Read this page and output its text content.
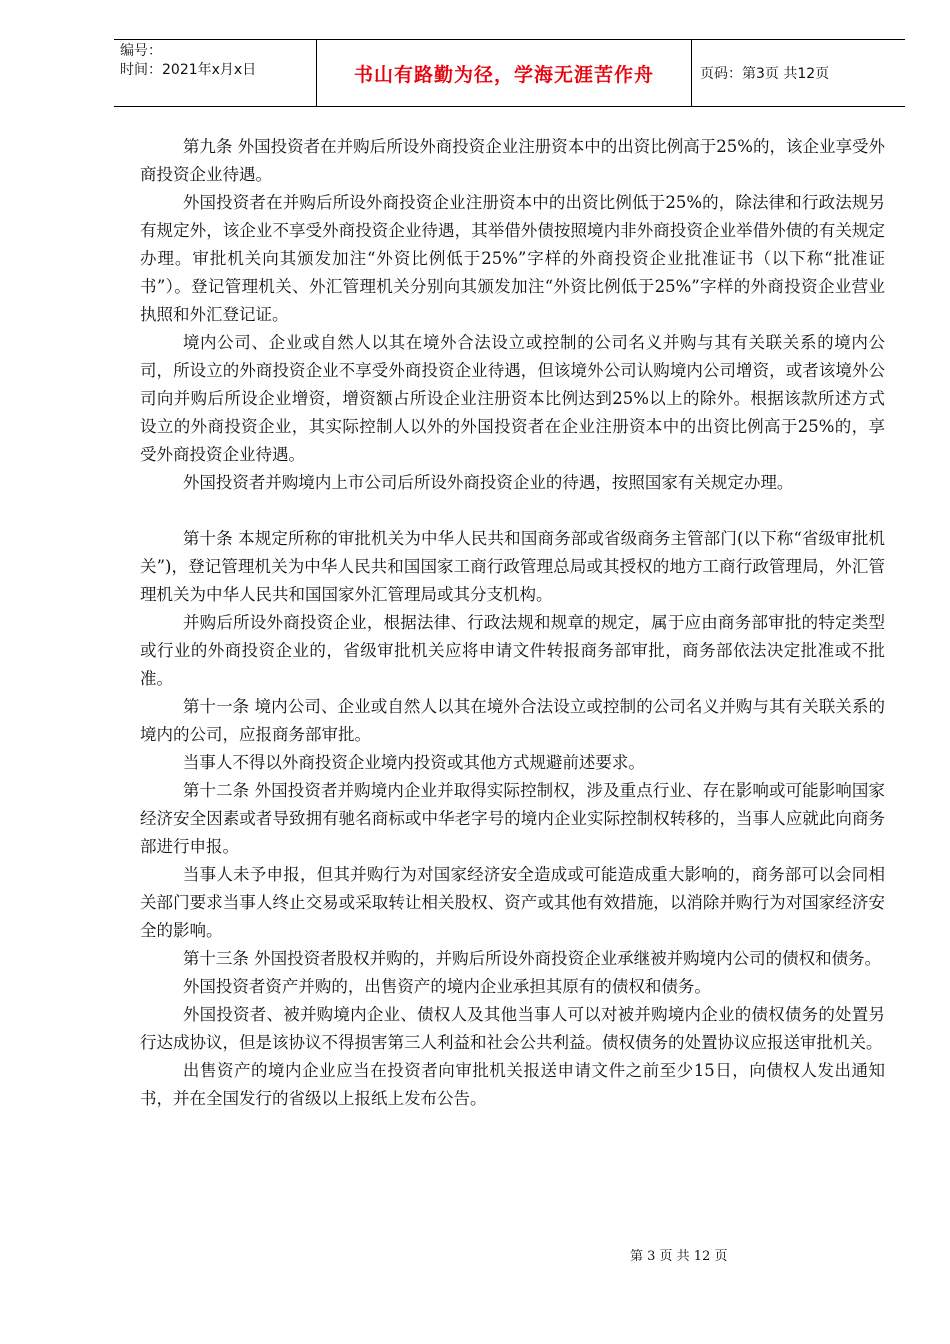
编号：
时间：2021年x月x日	书山有路勤为径，学海无涯苦作舟	页码：第3页 共12页

第九条 外国投资者在并购后所设外商投资企业注册资本中的出资比例高于25%的，该企业享受外商投资企业待遇。

外国投资者在并购后所设外商投资企业注册资本中的出资比例低于25%的，除法律和行政法规另有规定外，该企业不享受外商投资企业待遇，其举借外债按照境内非外商投资企业举借外债的有关规定办理。审批机关向其颁发加注“外资比例低于25%”字样的外商投资企业批准证书（以下称“批准证书”）。登记管理机关、外汇管理机关分别向其颁发加注“外资比例低于25%”字样的外商投资企业营业执照和外汇登记证。

境内公司、企业或自然人以其在境外合法设立或控制的公司名义并购与其有关联关系的境内公司，所设立的外商投资企业不享受外商投资企业待遇，但该境外公司认购境内公司增资，或者该境外公司向并购后所设企业增资，增资额占所设企业注册资本比例达到25%以上的除外。根据该款所述方式设立的外商投资企业，其实际控制人以外的外国投资者在企业注册资本中的出资比例高于25%的，享受外商投资企业待遇。

外国投资者并购境内上市公司后所设外商投资企业的待遇，按照国家有关规定办理。

第十条 本规定所称的审批机关为中华人民共和国商务部或省级商务主管部门(以下称“省级审批机关”)，登记管理机关为中华人民共和国国家工商行政管理总局或其授权的地方工商行政管理局，外汇管理机关为中华人民共和国国家外汇管理局或其分支机构。

并购后所设外商投资企业，根据法律、行政法规和规章的规定，属于应由商务部审批的特定类型或行业的外商投资企业的，省级审批机关应将申请文件转报商务部审批，商务部依法决定批准或不批准。

第十一条 境内公司、企业或自然人以其在境外合法设立或控制的公司名义并购与其有关联关系的境内的公司，应报商务部审批。

当事人不得以外商投资企业境内投资或其他方式规避前述要求。

第十二条 外国投资者并购境内企业并取得实际控制权，涉及重点行业、存在影响或可能影响国家经济安全因素或者导致拥有驰名商标或中华老字号的境内企业实际控制权转移的，当事人应就此向商务部进行申报。

当事人未予申报，但其并购行为对国家经济安全造成或可能造成重大影响的，商务部可以会同相关部门要求当事人终止交易或采取转让相关股权、资产或其他有效措施，以消除并购行为对国家经济安全的影响。

第十三条 外国投资者股权并购的，并购后所设外商投资企业承继被并购境内公司的债权和债务。

外国投资者资产并购的，出售资产的境内企业承担其原有的债权和债务。

外国投资者、被并购境内企业、债权人及其他当事人可以对被并购境内企业的债权债务的处置另行达成协议，但是该协议不得损害第三人利益和社会公共利益。债权债务的处置协议应报送审批机关。

出售资产的境内企业应当在投资者向审批机关报送申请文件之前至少15日，向债权人发出通知书，并在全国发行的省级以上报纸上发布公告。

第 3 页 共 12 页
